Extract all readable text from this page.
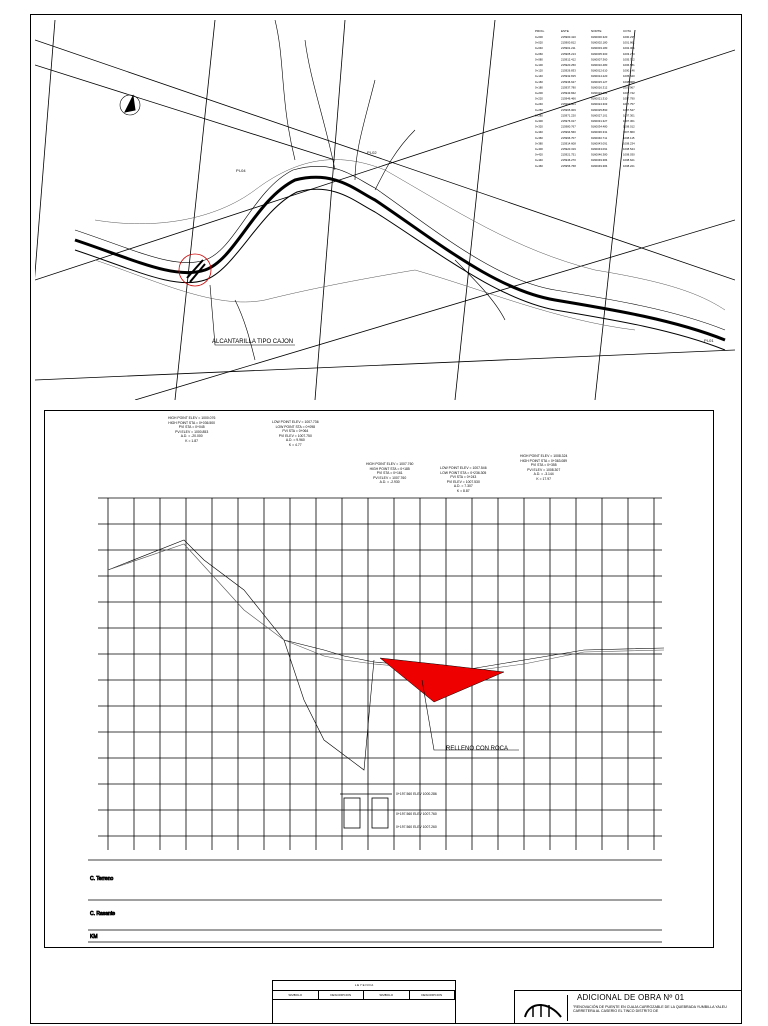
PROG.	ESTE	NORTE	COTA
0+000	215900.410	9160000.320	1000.235
0+020	215900.812	9160002.180	1001.861
0+040	215901.211	9160003.180	1002.001
0+060	215905.213	9160005.300	1003.270
0+080	215912.412	9160007.360	1005.712
0+100	215920.250	9160010.480	1006.581
0+120	215926.833	9160012.610	1000.146
0+140	215932.815	9160014.220	1005.540
0+160	215936.627	9160015.127	1008.968
0+180	215937.780	9160016.312	1007.967
0+200	215943.842	9160019.291	1007.742
0+220	215946.466	9160021.310	1007.790
0+240	215963.301	9160024.303	1007.757
0+260	215965.009	9160025.890	1007.547
0+280	215971.220	9160027.101	1007.301
0+300	215976.017	9160031.327	1007.301
0+320	215980.767	9160034.480	1008.012
0+340	215994.560	9160036.331	1007.860
0+360	215996.707	9160040.711	1008.115
0+380	215914.608	9160043.091	1008.234
0+400	215920.319	9160043.091	1008.544
0+420	215921.751	9160046.380	1008.030
0+440	215946.270	9160049.384	1008.621
0+460	215956.768	9160049.384	1008.221
ALCANTARILLA TIPO CAJON
PI-04
PI-02
PI-01
C. Terreno
C. Rasante
KM
RELLENO CON ROCA
HIGH POINT ELEV = 1000.076
HIGH POINT STA = 0+036.500
PVI STA = 0+045
PVI ELEV = 1000.853
A.D. = -20.000
K = 1.87
LOW POINT ELEV = 1007.736
LOW POINT STA = 0+098
PVI STA = 0+064
PVI ELEV = 1007.750
A.D. = 9.960
K = 4.77
HIGH POINT ELEV = 1007.760
HIGH POINT STA = 0+185
PVI STA = 0+161
PVI ELEV = 1007.760
A.D. = -2.930
LOW POINT ELEV = 1007.546
LOW POINT STA = 0+236.305
PVI STA = 0+243
PVI ELEV = 1007.530
A.D. = 7.307
K = 8.87
HIGH POINT ELEV = 1008.324
HIGH POINT STA = 0+363.089
PVI STA = 0+355
PVI ELEV = 1008.307
A.D. = -3.144
K = 17.97
0+197.560 ELEV 1000.286
0+197.560 ELEV 1007.760
0+197.560 ELEV 1007.260
L E Y E N D A
SIMBOLO	DESCRIPCION	SIMBOLO	DESCRIPCION	ADICIONAL DE OBRA Nº 01
"RENOVACIÓN DE PUENTE EN CUAJA CARROZABLE DE LA QUEBRADA YUMBILLA YALEU CARRETERA AL CASERÍO EL TINCO DISTRITO DE
